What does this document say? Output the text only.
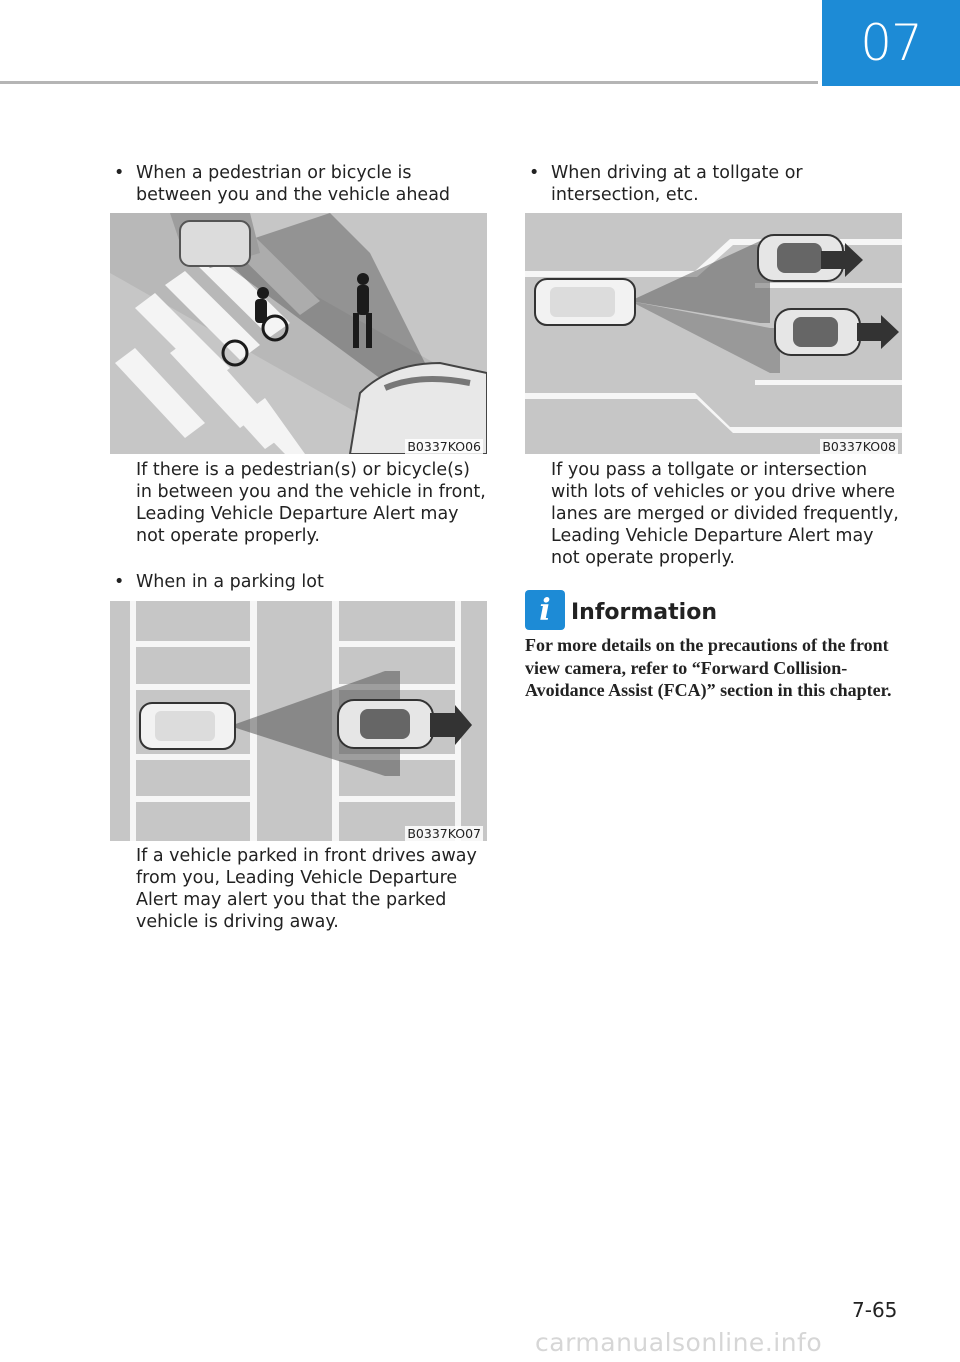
07
• When a pedestrian or bicycle is between you and the vehicle ahead
B0337KO06
If there is a pedestrian(s) or bicycle(s) in between you and the vehicle in front, Leading Vehicle Departure Alert may not operate properly.
• When in a parking lot
B0337KO07
If a vehicle parked in front drives away from you, Leading Vehicle Departure Alert may alert you that the parked vehicle is driving away.
• When driving at a tollgate or intersection, etc.
B0337KO08
If you pass a tollgate or intersection with lots of vehicles or you drive where lanes are merged or divided frequently, Leading Vehicle Departure Alert may not operate properly.
i Information
For more details on the precautions of the front view camera, refer to “Forward Collision-Avoidance Assist (FCA)” section in this chapter.
7-65
carmanualsonline.info
